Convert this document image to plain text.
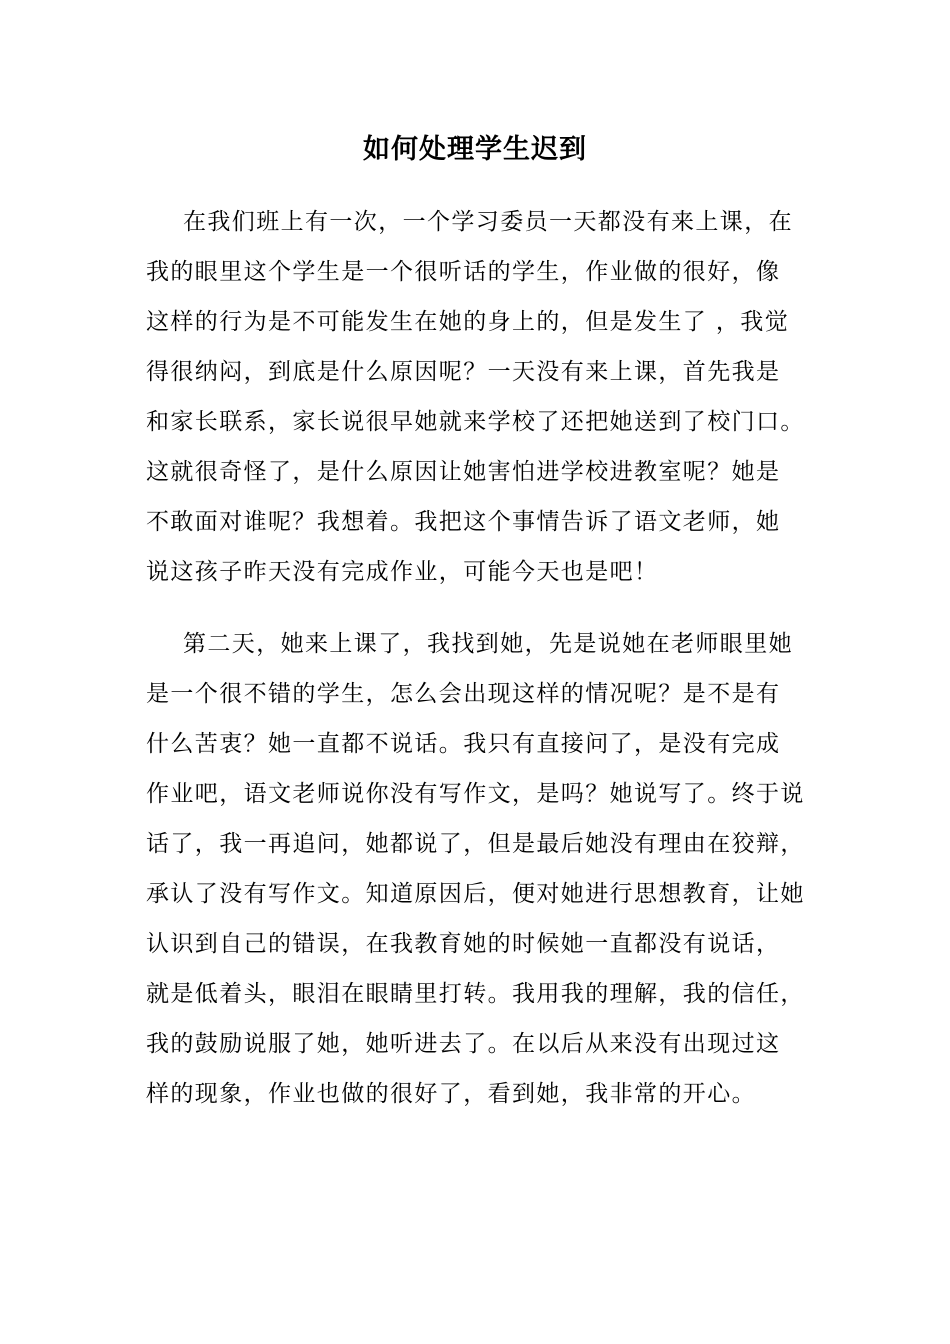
如何处理学生迟到

在我们班上有一次，一个学习委员一天都没有来上课，在

我的眼里这个学生是一个很听话的学生，作业做的很好，像

这样的行为是不可能发生在她的身上的，但是发生了 ，我觉

得很纳闷，到底是什么原因呢？一天没有来上课，首先我是

和家长联系，家长说很早她就来学校了还把她送到了校门口。

这就很奇怪了，是什么原因让她害怕进学校进教室呢？她是

不敢面对谁呢？我想着。我把这个事情告诉了语文老师，她

说这孩子昨天没有完成作业，可能今天也是吧！

第二天，她来上课了，我找到她，先是说她在老师眼里她

是一个很不错的学生，怎么会出现这样的情况呢？是不是有

什么苦衷？她一直都不说话。我只有直接问了，是没有完成

作业吧，语文老师说你没有写作文，是吗？她说写了。终于说

话了，我一再追问，她都说了，但是最后她没有理由在狡辩，

承认了没有写作文。知道原因后，便对她进行思想教育，让她

认识到自己的错误，在我教育她的时候她一直都没有说话，

就是低着头，眼泪在眼睛里打转。我用我的理解，我的信任，

我的鼓励说服了她，她听进去了。在以后从来没有出现过这

样的现象，作业也做的很好了，看到她，我非常的开心。
